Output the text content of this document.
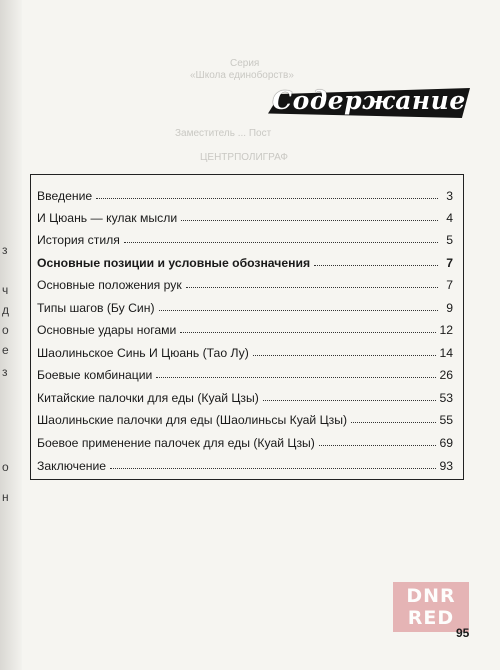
з
ч
д
о
е
з
о
н
Серия
«Школа единоборств»
Заместитель ... Пост
ЦЕНТРПОЛИГРАФ
Содержание
Введение	3
И Цюань — кулак мысли	4
История стиля	5
Основные позиции и условные обозначения	7
Основные положения рук	7
Типы шагов (Бу Син)	9
Основные удары ногами	12
Шаолиньское Синь И Цюань (Тао Лу)	14
Боевые комбинации	26
Китайские палочки для еды (Куай Цзы)	53
Шаолиньские палочки для еды (Шаолиньсы Куай Цзы)	55
Боевое применение палочек для еды (Куай Цзы)	69
Заключение	93
DNR
RED
95
